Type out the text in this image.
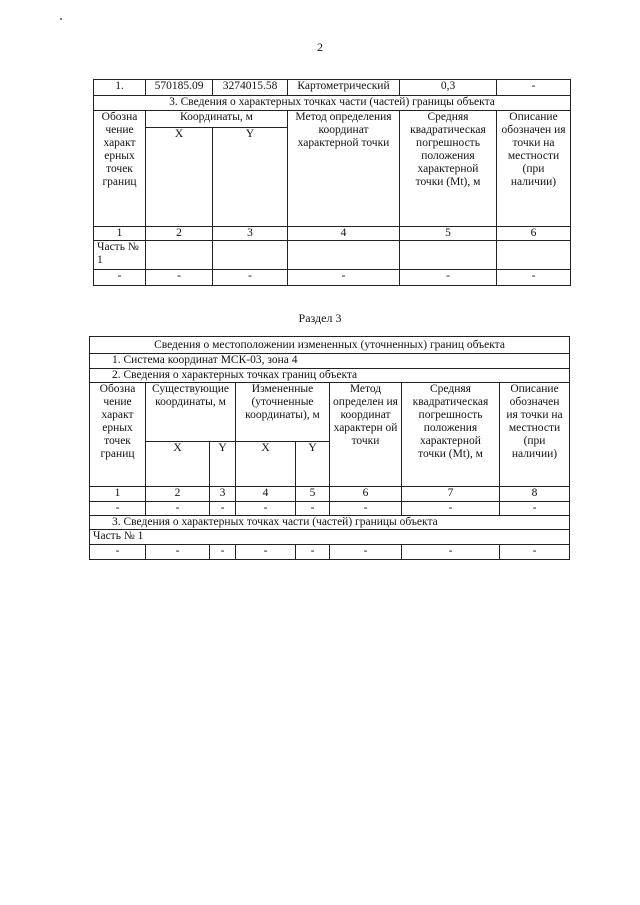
2
1.	570185.09	3274015.58	Картометрический	0,3	-
3. Сведения о характерных точках части (частей) границы объекта					
Обозна чение характ ерных точек границ	Координаты, м		Метод определения координат характерной точки	Средняя квадратическая погрешность положения характерной точки (Mt), м	Описание обозначен ия точки на местности (при наличии)
	X	Y			
1	2	3	4	5	6
Часть № 1					
-	-	-	-	-	-
Раздел 3
Сведения о местоположении измененных (уточненных) границ объекта							
1. Система координат МСК-03, зона 4							
2. Сведения о характерных точках границ объекта							
Обозна чение характ ерных точек границ	Существующие координаты, м		Измененные (уточненные координаты), м		Метод определен ия координат характерн ой точки	Средняя квадратическая погрешность положения характерной точки (Mt), м	Описание обозначен ия точки на местности (при наличии)
	X	Y	X	Y			
1	2	3	4	5	6	7	8
-	-	-	-	-	-	-	-
3. Сведения о характерных точках части (частей) границы объекта							
Часть № 1							
-	-	-	-	-	-	-	-
